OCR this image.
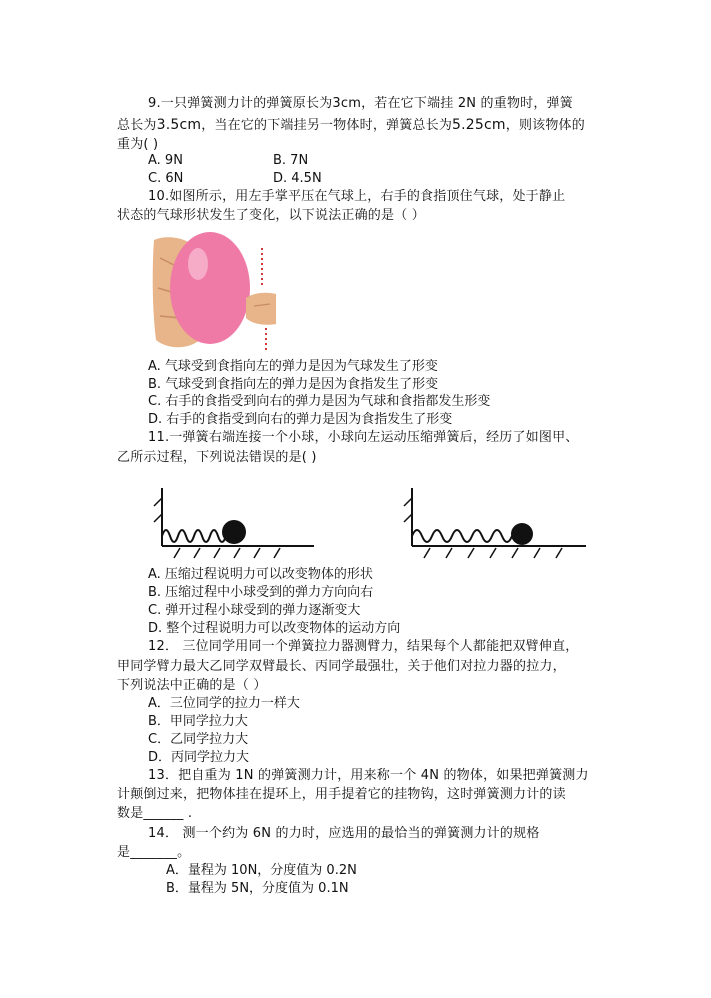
9.一只弹簧测力计的弹簧原长为3cm，若在它下端挂 2N 的重物时，弹簧
总长为3.5cm，当在它的下端挂另一物体时，弹簧总长为5.25cm，则该物体的
重为( )
A. 9N	B. 7N
C. 6N	D. 4.5N
10.如图所示，用左手掌平压在气球上，右手的食指顶住气球，处于静止
状态的气球形状发生了变化，以下说法正确的是（ ）
A. 气球受到食指向左的弹力是因为气球发生了形变
B. 气球受到食指向左的弹力是因为食指发生了形变
C. 右手的食指受到向右的弹力是因为气球和食指都发生形变
D. 右手的食指受到向右的弹力是因为食指发生了形变
11.一弹簧右端连接一个小球，小球向左运动压缩弹簧后，经历了如图甲、
乙所示过程，下列说法错误的是( )
A. 压缩过程说明力可以改变物体的形状
B. 压缩过程中小球受到的弹力方向向右
C. 弹开过程小球受到的弹力逐渐变大
D. 整个过程说明力可以改变物体的运动方向
12． 三位同学用同一个弹簧拉力器测臂力，结果每个人都能把双臂伸直，
甲同学臂力最大乙同学双臂最长、丙同学最强壮，关于他们对拉力器的拉力，
下列说法中正确的是（ ）
A．三位同学的拉力一样大
B．甲同学拉力大
C．乙同学拉力大
D．丙同学拉力大
13．把自重为 1N 的弹簧测力计，用来称一个 4N 的物体，如果把弹簧测力
计颠倒过来，把物体挂在提环上，用手提着它的挂物钩，这时弹簧测力计的读
数是______ .
14． 测一个约为 6N 的力时，应选用的最恰当的弹簧测力计的规格
是_______。
A．量程为 10N，分度值为 0.2N
B．量程为 5N，分度值为 0.1N
